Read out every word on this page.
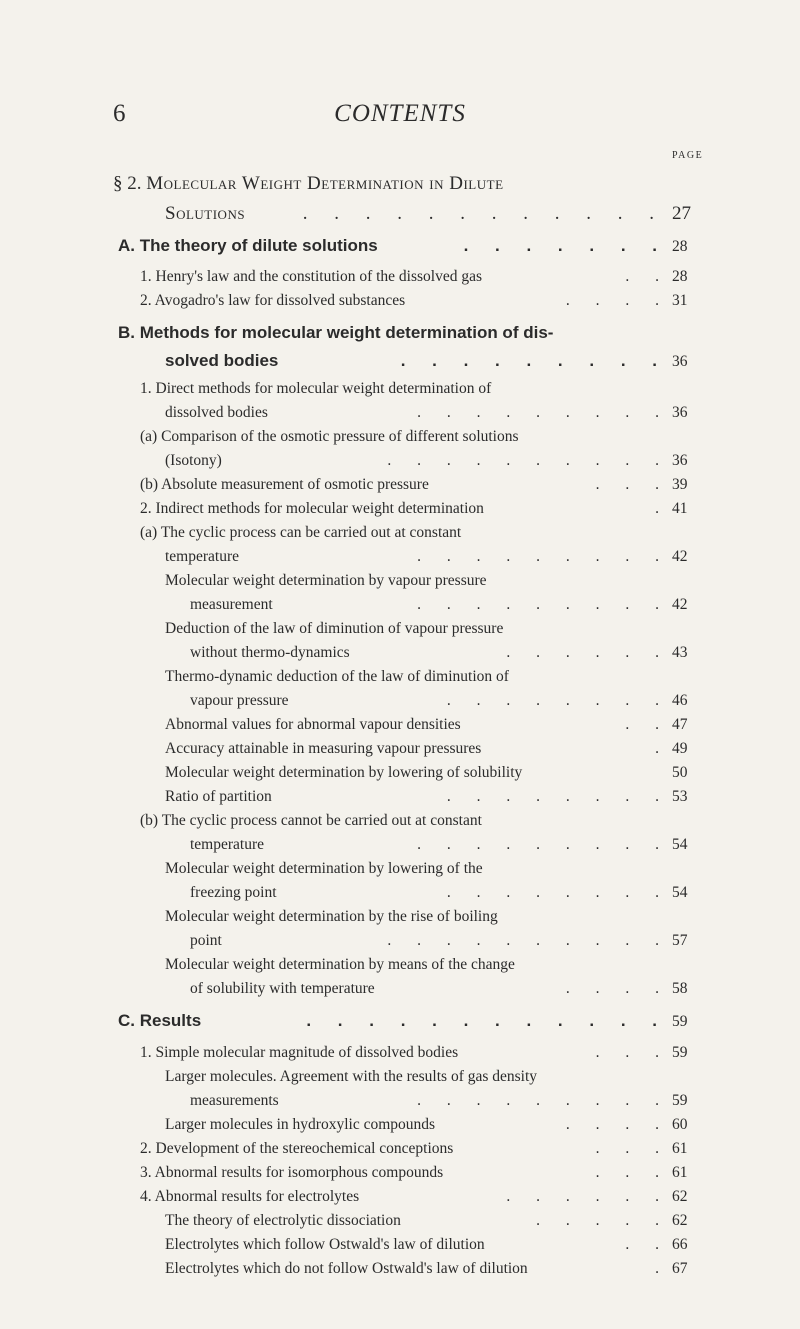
6	CONTENTS
PAGE
§ 2. Molecular Weight Determination in Dilute
Solutions	. . . . . . . . . . . . 27
A. The theory of dilute solutions	. . . . . . . 28
1. Henry's law and the constitution of the dissolved gas	. . 28
2. Avogadro's law for dissolved substances	. . . . 31
B. Methods for molecular weight determination of dis-
solved bodies	. . . . . . . . . 36
1. Direct methods for molecular weight determination of
dissolved bodies	. . . . . . . . . 36
(a) Comparison of the osmotic pressure of different solutions
(Isotony)	. . . . . . . . . . 36
(b) Absolute measurement of osmotic pressure	. . . 39
2. Indirect methods for molecular weight determination	. 41
(a) The cyclic process can be carried out at constant
temperature	. . . . . . . . . 42
Molecular weight determination by vapour pressure
measurement	. . . . . . . . . 42
Deduction of the law of diminution of vapour pressure
without thermo-dynamics	. . . . . . 43
Thermo-dynamic deduction of the law of diminution of
vapour pressure	. . . . . . . . 46
Abnormal values for abnormal vapour densities	. . 47
Accuracy attainable in measuring vapour pressures	. 49
Molecular weight determination by lowering of solubility	50
Ratio of partition	. . . . . . . . 53
(b) The cyclic process cannot be carried out at constant
temperature	. . . . . . . . . 54
Molecular weight determination by lowering of the
freezing point	. . . . . . . . 54
Molecular weight determination by the rise of boiling
point	. . . . . . . . . . 57
Molecular weight determination by means of the change
of solubility with temperature	. . . . 58
C. Results	. . . . . . . . . . . . 59
1. Simple molecular magnitude of dissolved bodies	. . . 59
Larger molecules. Agreement with the results of gas density
measurements	. . . . . . . . . 59
Larger molecules in hydroxylic compounds	. . . . 60
2. Development of the stereochemical conceptions	. . . 61
3. Abnormal results for isomorphous compounds	. . . 61
4. Abnormal results for electrolytes	. . . . . . 62
The theory of electrolytic dissociation	. . . . . 62
Electrolytes which follow Ostwald's law of dilution	. . 66
Electrolytes which do not follow Ostwald's law of dilution	. 67
